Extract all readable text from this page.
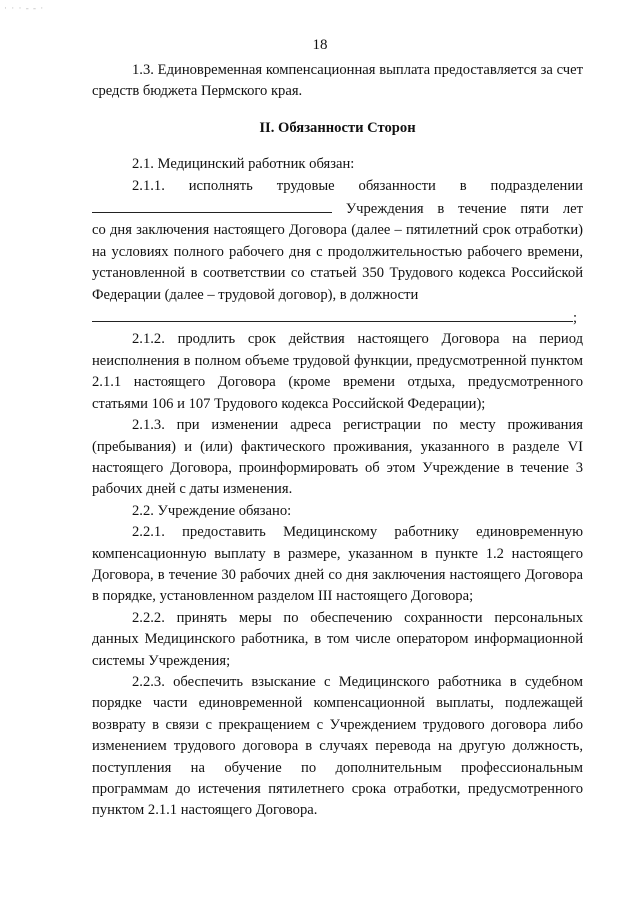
· · · - - ·
18

1.3. Единовременная компенсационная выплата предоставляется за счет средств бюджета Пермского края.

II. Обязанности Сторон

2.1. Медицинский работник обязан:

2.1.1. исполнять трудовые обязанности в подразделении

Учреждения в течение пяти лет

со дня заключения настоящего Договора (далее – пятилетний срок отработки) на условиях полного рабочего дня с продолжительностью рабочего времени, установленной в соответствии со статьей 350 Трудового кодекса Российской Федерации (далее – трудовой договор), в должности

;

2.1.2. продлить срок действия настоящего Договора на период неисполнения в полном объеме трудовой функции, предусмотренной пунктом 2.1.1 настоящего Договора (кроме времени отдыха, предусмотренного статьями 106 и 107 Трудового кодекса Российской Федерации);

2.1.3. при изменении адреса регистрации по месту проживания (пребывания) и (или) фактического проживания, указанного в разделе VI настоящего Договора, проинформировать об этом Учреждение в течение 3 рабочих дней с даты изменения.

2.2. Учреждение обязано:

2.2.1. предоставить Медицинскому работнику единовременную компенсационную выплату в размере, указанном в пункте 1.2 настоящего Договора, в течение 30 рабочих дней со дня заключения настоящего Договора в порядке, установленном разделом III настоящего Договора;

2.2.2. принять меры по обеспечению сохранности персональных данных Медицинского работника, в том числе оператором информационной системы Учреждения;

2.2.3. обеспечить взыскание с Медицинского работника в судебном порядке части единовременной компенсационной выплаты, подлежащей возврату в связи с прекращением с Учреждением трудового договора либо изменением трудового договора в случаях перевода на другую должность, поступления на обучение по дополнительным профессиональным программам до истечения пятилетнего срока отработки, предусмотренного пунктом 2.1.1 настоящего Договора.
